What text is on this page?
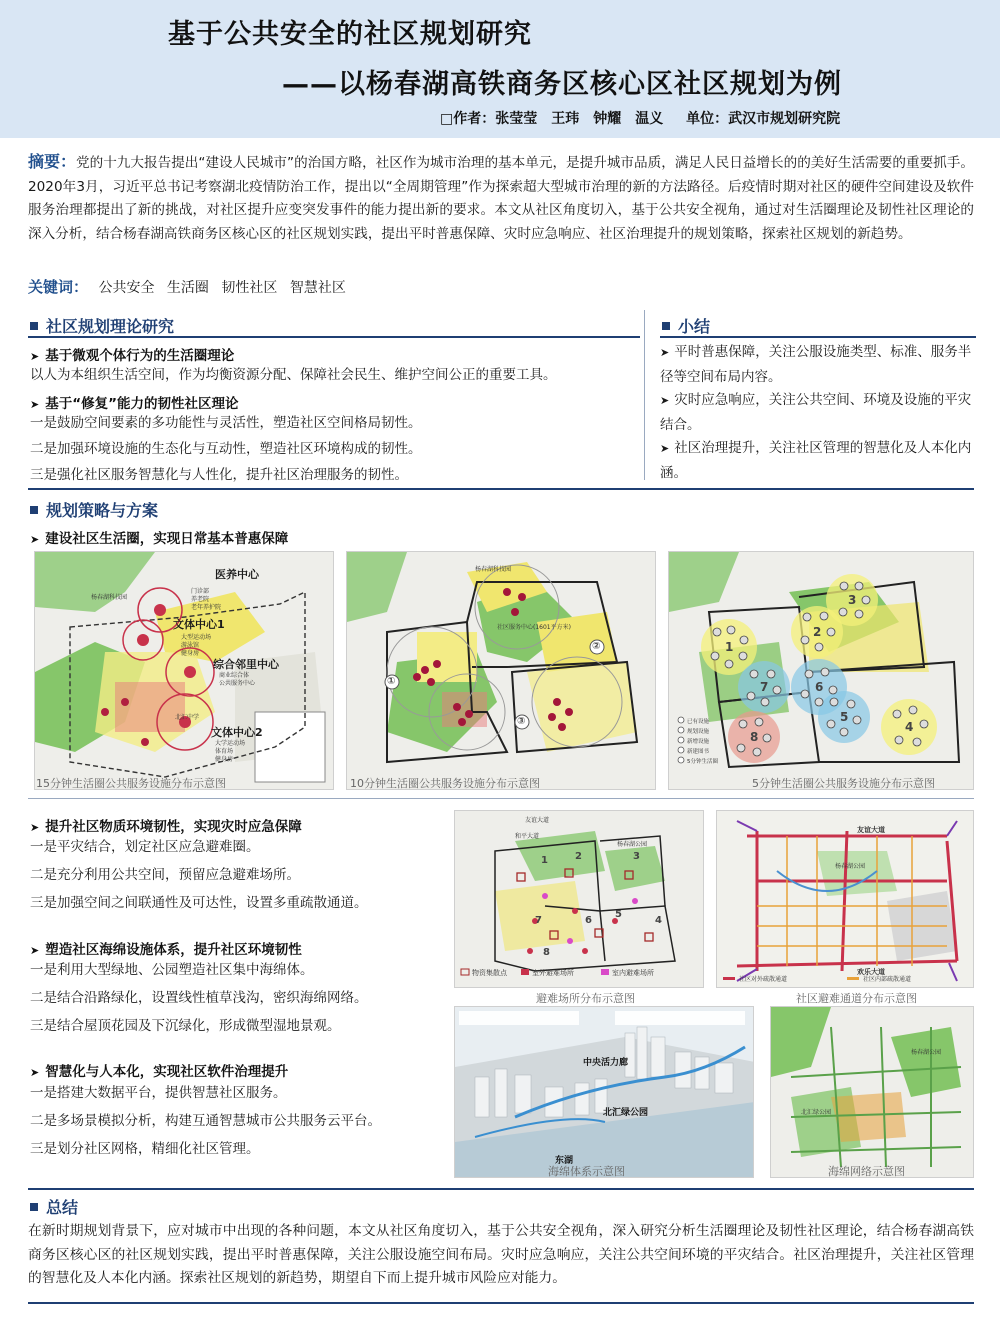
基于公共安全的社区规划研究
——以杨春湖高铁商务区核心区社区规划为例
□作者：张莹莹　王玮　钟耀　温义 单位：武汉市规划研究院
摘要：党的十九大报告提出“建设人民城市”的治国方略，社区作为城市治理的基本单元，是提升城市品质，满足人民日益增长的的美好生活需要的重要抓手。2020年3月，习近平总书记考察湖北疫情防治工作，提出以“全周期管理”作为探索超大型城市治理的新的方法路径。后疫情时期对社区的硬件空间建设及软件服务治理都提出了新的挑战，对社区提升应变突发事件的能力提出新的要求。本文从社区角度切入，基于公共安全视角，通过对生活圈理论及韧性社区理论的深入分析，结合杨春湖高铁商务区核心区的社区规划实践，提出平时普惠保障、灾时应急响应、社区治理提升的规划策略，探索社区规划的新趋势。
关键词： 公共安全 生活圈 韧性社区 智慧社区
社区规划理论研究
➤ 基于微观个体行为的生活圈理论
以人为本组织生活空间，作为均衡资源分配、保障社会民生、维护空间公正的重要工具。
➤ 基于“修复”能力的韧性社区理论
一是鼓励空间要素的多功能性与灵活性，塑造社区空间格局韧性。
二是加强环境设施的生态化与互动性，塑造社区环境构成的韧性。
三是强化社区服务智慧化与人性化，提升社区治理服务的韧性。
小结
➤ 平时普惠保障，关注公服设施类型、标准、服务半径等空间布局内容。
➤ 灾时应急响应，关注公共空间、环境及设施的平灾结合。
➤ 社区治理提升，关注社区管理的智慧化及人本化内涵。
规划策略与方案
➤ 建设社区生活圈，实现日常基本普惠保障
医养中心
文体中心1
综合邻里中心
文体中心2
杨春湖科技园
门诊部
养老院
老年养护院
大型运动场
游泳馆
健身房
商业综合体
公共服务中心
北汇中学
大学运动场
体育场
健身房
15分钟生活圈公共服务设施分布示意图
①
②
③
杨春湖科技园
社区服务中心(1601平方米)
10分钟生活圈公共服务设施分布示意图
1
2
3
4
5
6
7
8
已有设施
规划设施
新增设施
新建图书
5分钟生活圈
5分钟生活圈公共服务设施分布示意图
➤ 提升社区物质环境韧性，实现灾时应急保障
一是平灾结合，划定社区应急避难圈。
二是充分利用公共空间，预留应急避难场所。
三是加强空间之间联通性及可达性，设置多重疏散通道。
➤ 塑造社区海绵设施体系，提升社区环境韧性
一是利用大型绿地、公园塑造社区集中海绵体。
二是结合沿路绿化，设置线性植草浅沟，密织海绵网络。
三是结合屋顶花园及下沉绿化，形成微型湿地景观。
➤ 智慧化与人本化，实现社区软件治理提升
一是搭建大数据平台，提供智慧社区服务。
二是多场景模拟分析，构建互通智慧城市公共服务云平台。
三是划分社区网格，精细化社区管理。
1	2	3
4
5
6
7
8
友谊大道
和平大道
杨春湖公园
物资集散点	室外避难场所	室内避难场所
避难场所分布示意图
友谊大道
杨春湖公园
欢乐大道
社区对外疏散通道	社区内部疏散通道
社区避难通道分布示意图
中央活力廊
北汇绿公园
东湖
海绵体系示意图
杨春湖公园
北汇绿公园
海绵网络示意图
总结
在新时期规划背景下，应对城市中出现的各种问题，本文从社区角度切入，基于公共安全视角，深入研究分析生活圈理论及韧性社区理论，结合杨春湖高铁商务区核心区的社区规划实践，提出平时普惠保障，关注公服设施空间布局。灾时应急响应，关注公共空间环境的平灾结合。社区治理提升，关注社区管理的智慧化及人本化内涵。探索社区规划的新趋势，期望自下而上提升城市风险应对能力。
